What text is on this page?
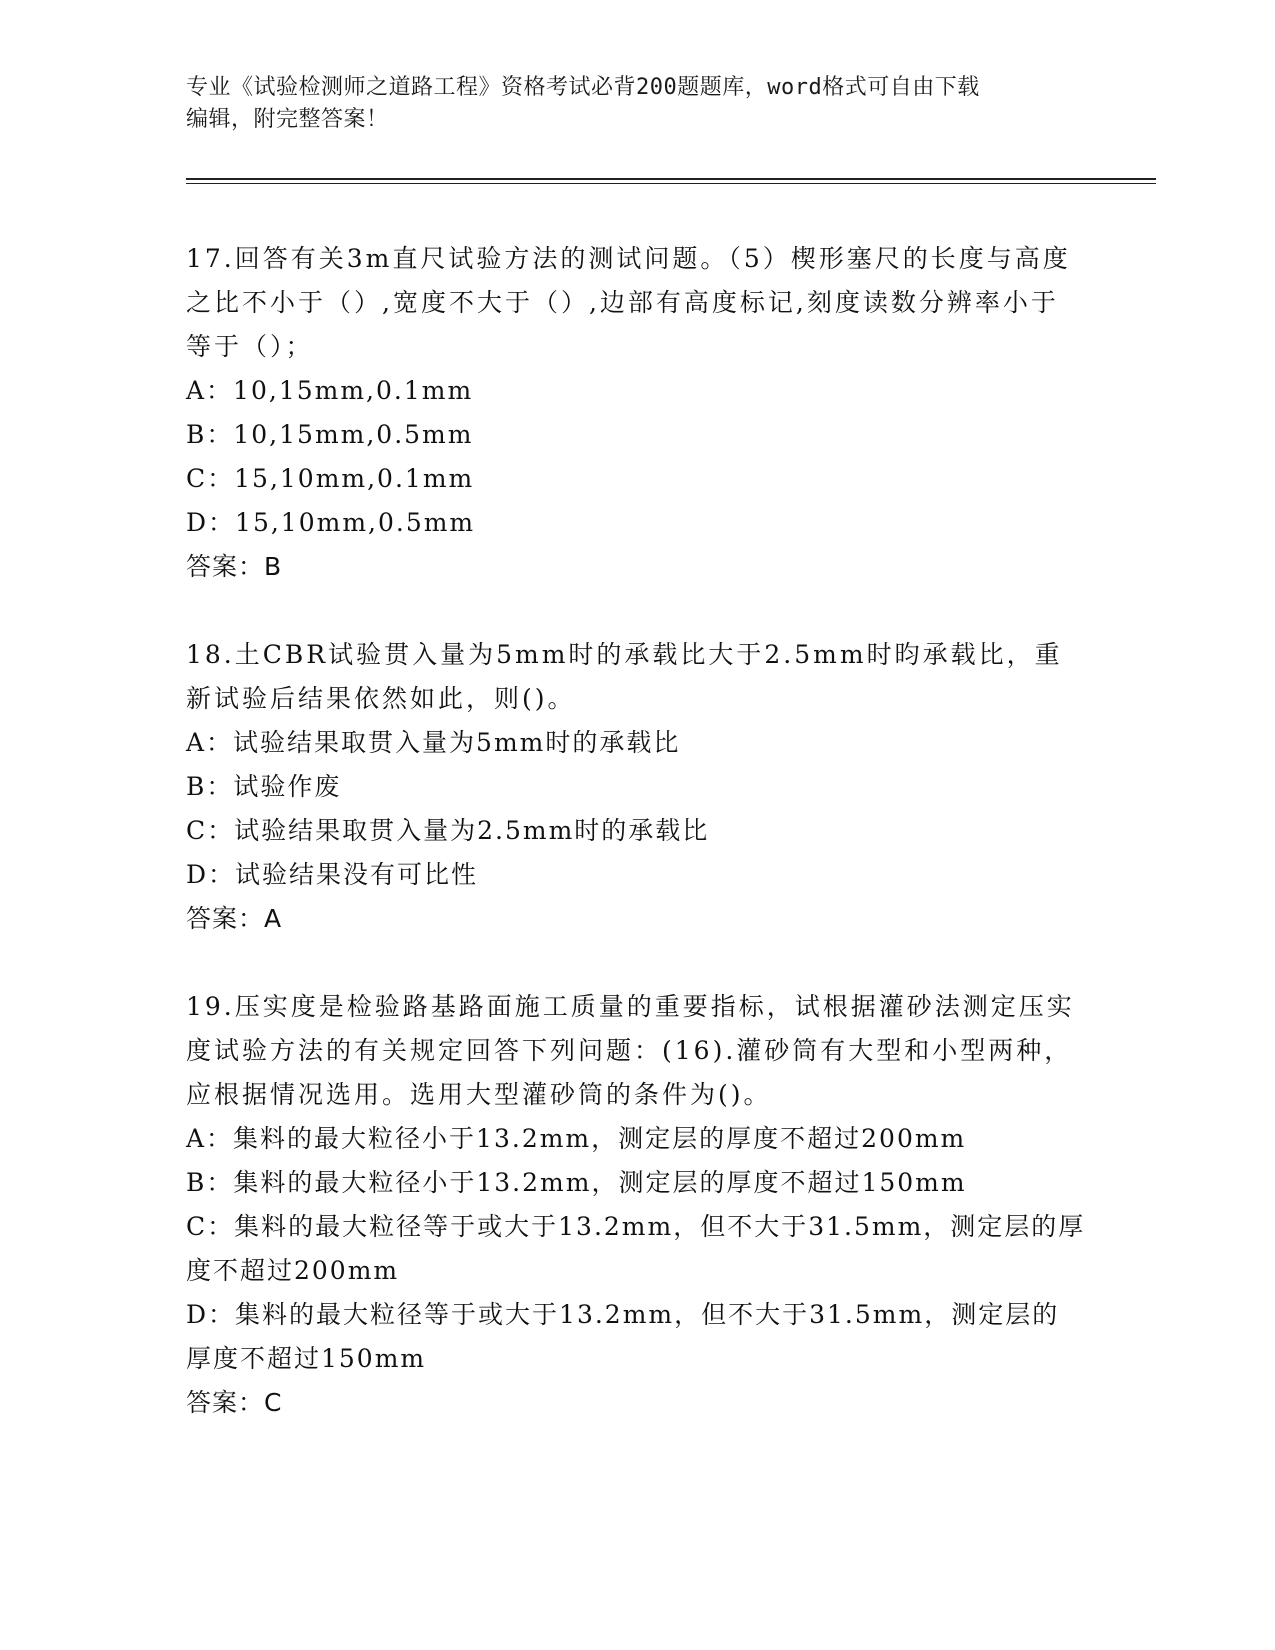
专业《试验检测师之道路工程》资格考试必背200题题库，word格式可自由下载
编辑，附完整答案！

17.回答有关3m直尺试验方法的测试问题。（5）楔形塞尺的长度与高度之比不小于（）,宽度不大于（）,边部有高度标记,刻度读数分辨率小于等于（）；

A：10,15mm,0.1mm

B：10,15mm,0.5mm

C：15,10mm,0.1mm

D：15,10mm,0.5mm

答案：B

18.土CBR试验贯入量为5mm时的承载比大于2.5mm时昀承载比，重新试验后结果依然如此，则()。

A：试验结果取贯入量为5mm时的承载比

B：试验作废

C：试验结果取贯入量为2.5mm时的承载比

D：试验结果没有可比性

答案：A

19.压实度是检验路基路面施工质量的重要指标，试根据灌砂法测定压实度试验方法的有关规定回答下列问题：(16).灌砂筒有大型和小型两种，应根据情况选用。选用大型灌砂筒的条件为()。

A：集料的最大粒径小于13.2mm，测定层的厚度不超过200mm

B：集料的最大粒径小于13.2mm，测定层的厚度不超过150mm

C：集料的最大粒径等于或大于13.2mm，但不大于31.5mm，测定层的厚度不超过200mm

D：集料的最大粒径等于或大于13.2mm，但不大于31.5mm，测定层的厚度不超过150mm

答案：C
